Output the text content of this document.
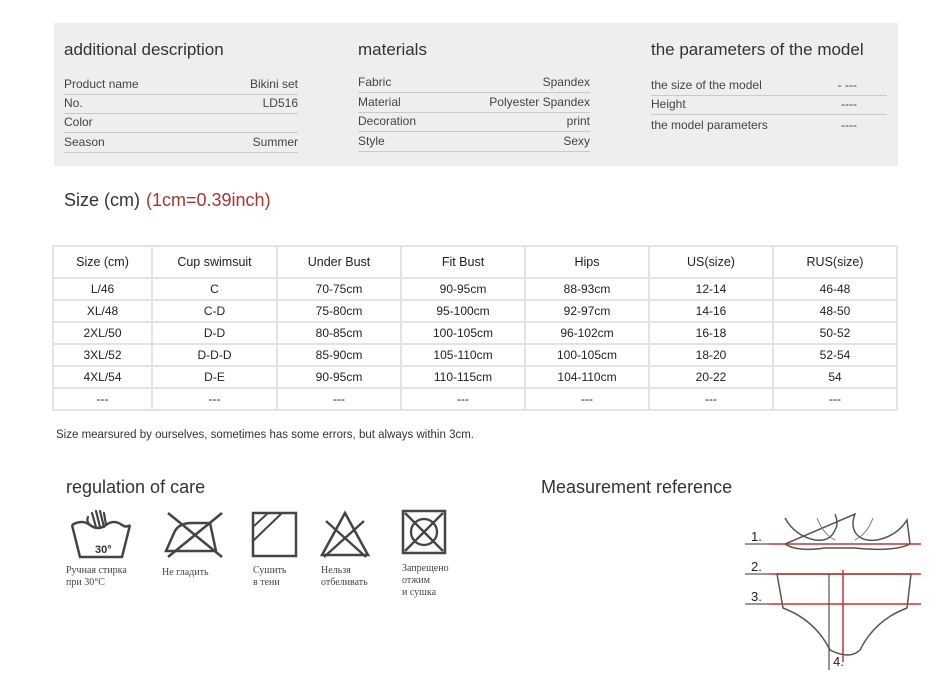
additional description
Product name	Bikini set
No.	LD516
Color
Season	Summer
materials
Fabric	Spandex
Material	Polyester Spandex
Decoration	print
Style	Sexy
the parameters of the model
the size of the model	- ---
Height	----
the model parameters	----
Size (cm) (1cm=0.39inch)
Size (cm)	Cup swimsuit	Under Bust	Fit Bust	Hips	US(size)	RUS(size)
L/46	C	70-75cm	90-95cm	88-93cm	12-14	46-48
XL/48	C-D	75-80cm	95-100cm	92-97cm	14-16	48-50
2XL/50	D-D	80-85cm	100-105cm	96-102cm	16-18	50-52
3XL/52	D-D-D	85-90cm	105-110cm	100-105cm	18-20	52-54
4XL/54	D-E	90-95cm	110-115cm	104-110cm	20-22	54
---	---	---	---	---	---	---
Size mearsured by ourselves, sometimes has some errors, but always within 3cm.
regulation of care
30°
Ручная стирка
при 30°C
Не гладить	Сушить
в тени
Нельзя
отбеливать
Запрещено
отжим
и сушка
Measurement reference
1.
2.
3.
4.
